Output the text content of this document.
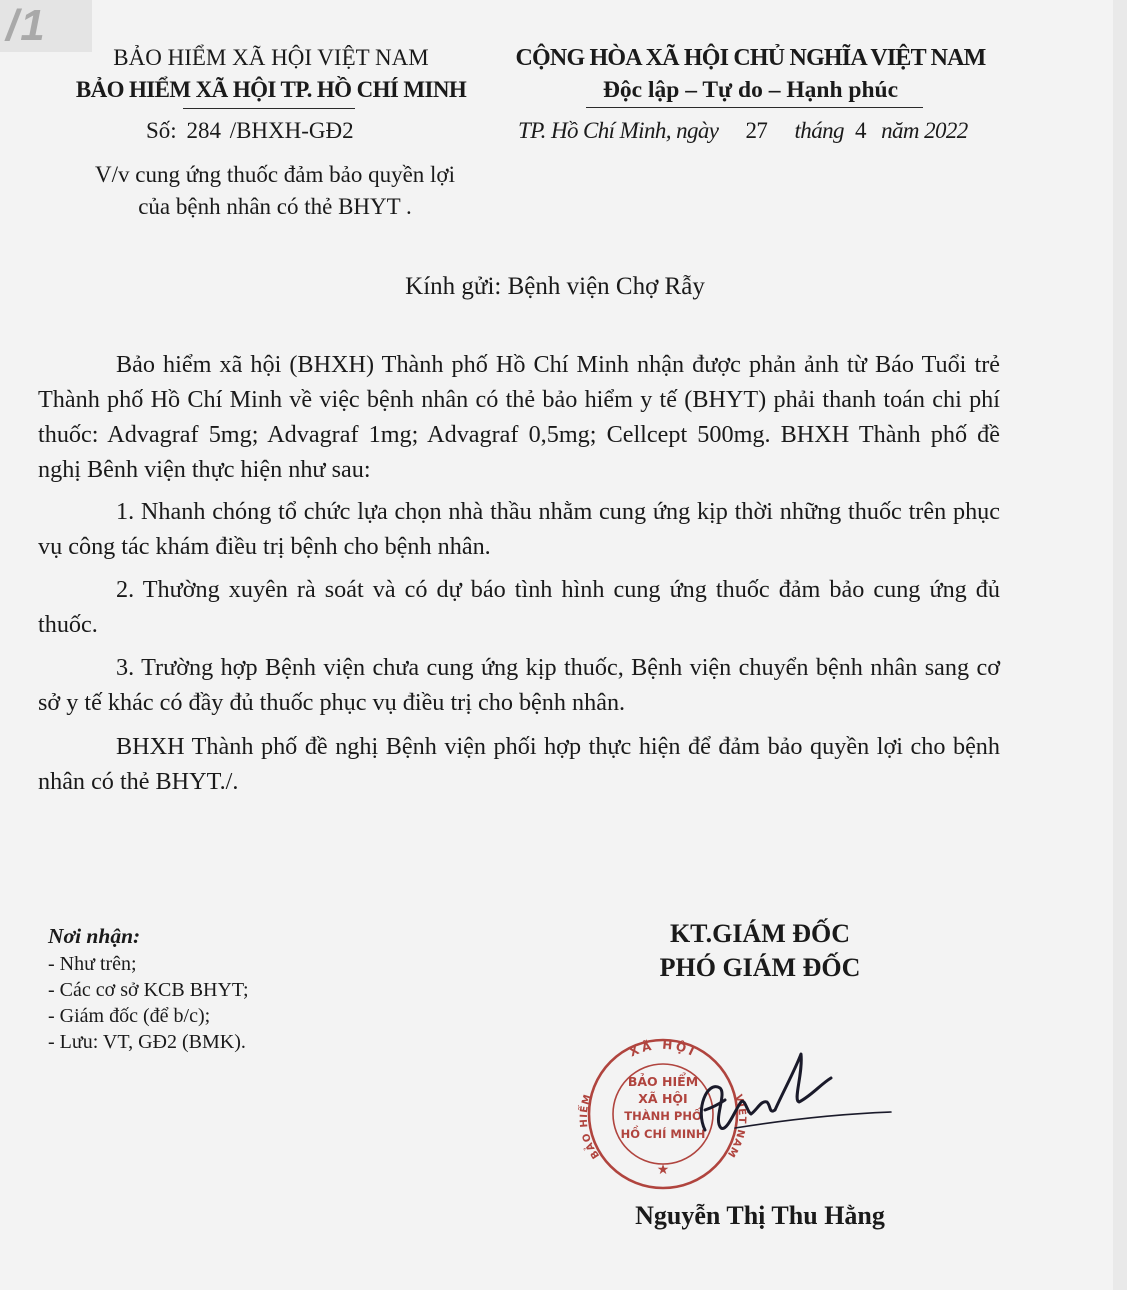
/1
BẢO HIỂM XÃ HỘI VIỆT NAM
BẢO HIỂM XÃ HỘI TP. HỒ CHÍ MINH
CỘNG HÒA XÃ HỘI CHỦ NGHĨA VIỆT NAM
Độc lập – Tự do – Hạnh phúc
Số: 284 /BHXH-GĐ2	TP. Hồ Chí Minh, ngày 27 tháng 4 năm 2022
V/v cung ứng thuốc đảm bảo quyền lợi
của bệnh nhân có thẻ BHYT .
Kính gửi: Bệnh viện Chợ Rẫy
Bảo hiểm xã hội (BHXH) Thành phố Hồ Chí Minh nhận được phản ảnh từ Báo Tuổi trẻ Thành phố Hồ Chí Minh về việc bệnh nhân có thẻ bảo hiểm y tế (BHYT) phải thanh toán chi phí thuốc: Advagraf 5mg; Advagraf 1mg; Advagraf 0,5mg; Cellcept 500mg. BHXH Thành phố đề nghị Bênh viện thực hiện như sau:
1. Nhanh chóng tổ chức lựa chọn nhà thầu nhằm cung ứng kịp thời những thuốc trên phục vụ công tác khám điều trị bệnh cho bệnh nhân.
2. Thường xuyên rà soát và có dự báo tình hình cung ứng thuốc đảm bảo cung ứng đủ thuốc.
3. Trường hợp Bệnh viện chưa cung ứng kịp thuốc, Bệnh viện chuyển bệnh nhân sang cơ sở y tế khác có đầy đủ thuốc phục vụ điều trị cho bệnh nhân.
BHXH Thành phố đề nghị Bệnh viện phối hợp thực hiện để đảm bảo quyền lợi cho bệnh nhân có thẻ BHYT./.
Nơi nhận:
- Như trên;
- Các cơ sở KCB BHYT;
- Giám đốc (để b/c);
- Lưu: VT, GĐ2 (BMK).
KT.GIÁM ĐỐC
PHÓ GIÁM ĐỐC
XÃ HỘI
BẢO HIỂM	VIỆT NAM
BẢO HIỂM
XÃ HỘI
THÀNH PHỐ
HỒ CHÍ MINH
★
Nguyễn Thị Thu Hằng
